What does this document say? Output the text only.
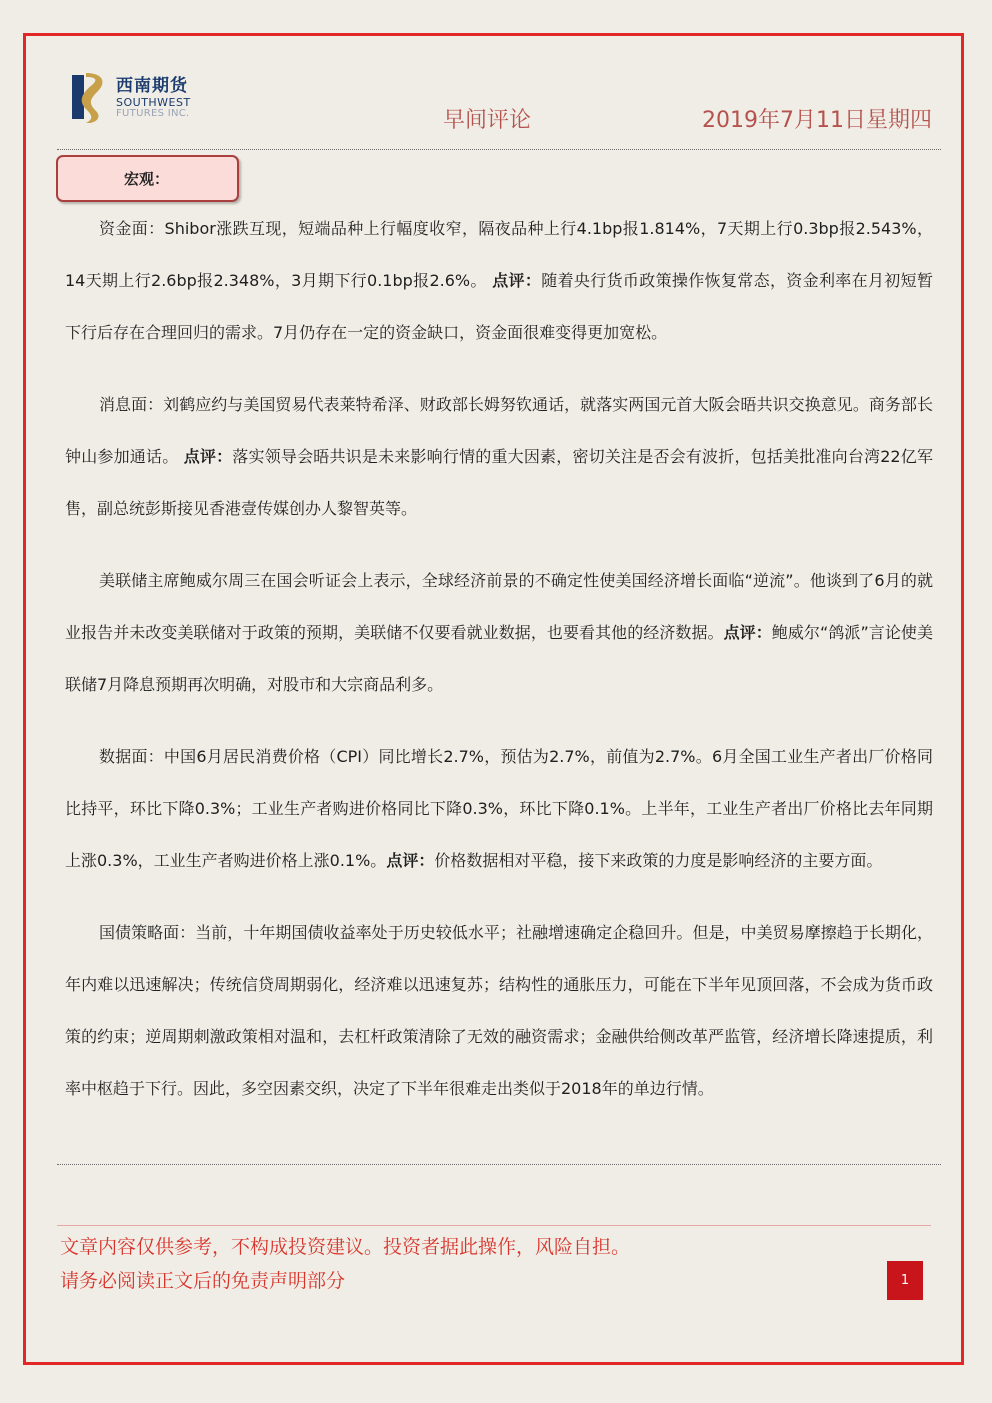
西南期货
SOUTHWEST
FUTURES INC.	早间评论	2019年7月11日星期四
宏观：

资金面：Shibor涨跌互现，短端品种上行幅度收窄，隔夜品种上行4.1bp报1.814%，7天期上行0.3bp报2.543%，14天期上行2.6bp报2.348%，3月期下行0.1bp报2.6%。 点评：随着央行货币政策操作恢复常态，资金利率在月初短暂下行后存在合理回归的需求。7月仍存在一定的资金缺口，资金面很难变得更加宽松。

消息面：刘鹤应约与美国贸易代表莱特希泽、财政部长姆努钦通话，就落实两国元首大阪会晤共识交换意见。商务部长钟山参加通话。 点评：落实领导会晤共识是未来影响行情的重大因素，密切关注是否会有波折，包括美批准向台湾22亿军售，副总统彭斯接见香港壹传媒创办人黎智英等。

美联储主席鲍威尔周三在国会听证会上表示，全球经济前景的不确定性使美国经济增长面临“逆流”。他谈到了6月的就业报告并未改变美联储对于政策的预期，美联储不仅要看就业数据，也要看其他的经济数据。点评：鲍威尔“鸽派”言论使美联储7月降息预期再次明确，对股市和大宗商品利多。

数据面：中国6月居民消费价格（CPI）同比增长2.7%，预估为2.7%，前值为2.7%。6月全国工业生产者出厂价格同比持平，环比下降0.3%；工业生产者购进价格同比下降0.3%，环比下降0.1%。上半年，工业生产者出厂价格比去年同期上涨0.3%，工业生产者购进价格上涨0.1%。点评：价格数据相对平稳，接下来政策的力度是影响经济的主要方面。

国债策略面：当前，十年期国债收益率处于历史较低水平；社融增速确定企稳回升。但是，中美贸易摩擦趋于长期化，年内难以迅速解决；传统信贷周期弱化，经济难以迅速复苏；结构性的通胀压力，可能在下半年见顶回落，不会成为货币政策的约束；逆周期刺激政策相对温和，去杠杆政策清除了无效的融资需求；金融供给侧改革严监管，经济增长降速提质，利率中枢趋于下行。因此，多空因素交织，决定了下半年很难走出类似于2018年的单边行情。

文章内容仅供参考，不构成投资建议。投资者据此操作，风险自担。
请务必阅读正文后的免责声明部分	1
